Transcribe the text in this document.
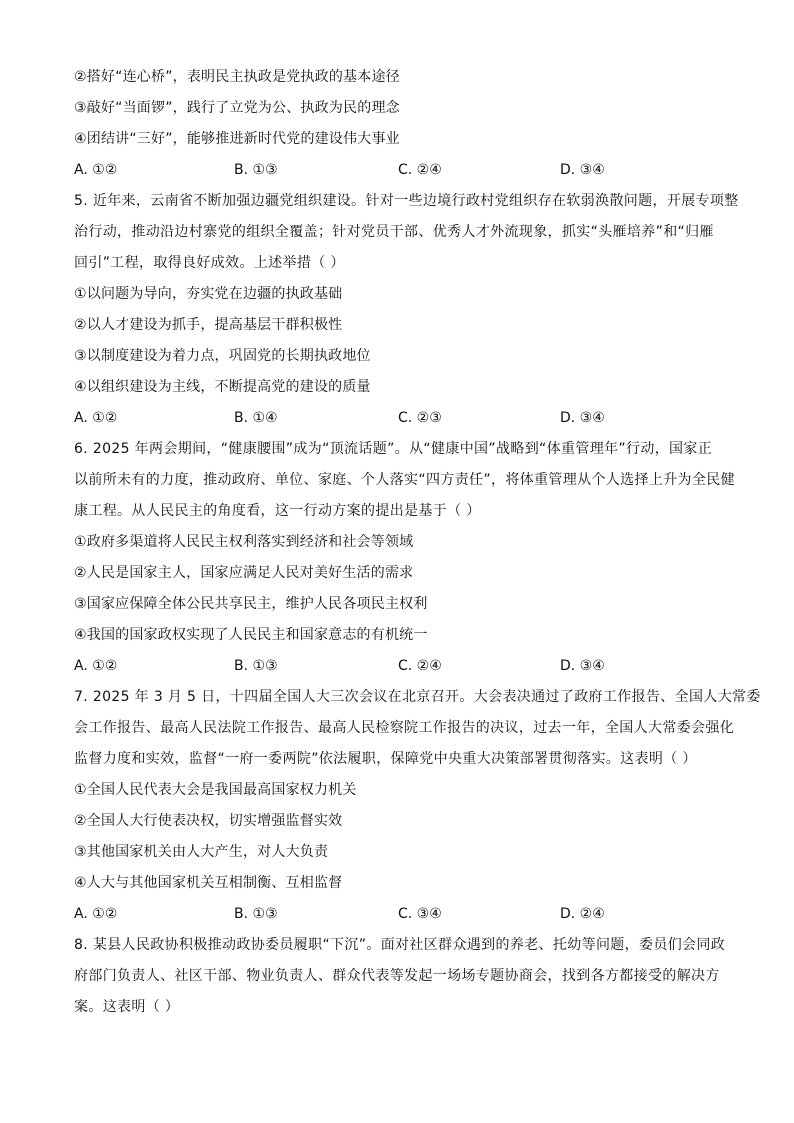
②搭好“连心桥”，表明民主执政是党执政的基本途径
③敲好“当面锣”，践行了立党为公、执政为民的理念
④团结讲“三好”，能够推进新时代党的建设伟大事业
A. ①②	B. ①③	C. ②④	D. ③④
5. 近年来，云南省不断加强边疆党组织建设。针对一些边境行政村党组织存在软弱涣散问题，开展专项整
治行动，推动沿边村寨党的组织全覆盖；针对党员干部、优秀人才外流现象，抓实“头雁培养”和“归雁
回引”工程，取得良好成效。上述举措（ ）
①以问题为导向，夯实党在边疆的执政基础
②以人才建设为抓手，提高基层干群积极性
③以制度建设为着力点，巩固党的长期执政地位
④以组织建设为主线，不断提高党的建设的质量
A. ①②	B. ①④	C. ②③	D. ③④
6. 2025 年两会期间，“健康腰围”成为“顶流话题”。从“健康中国”战略到“体重管理年”行动，国家正
以前所未有的力度，推动政府、单位、家庭、个人落实“四方责任”，将体重管理从个人选择上升为全民健
康工程。从人民民主的角度看，这一行动方案的提出是基于（ ）
①政府多渠道将人民民主权利落实到经济和社会等领域
②人民是国家主人，国家应满足人民对美好生活的需求
③国家应保障全体公民共享民主，维护人民各项民主权利
④我国的国家政权实现了人民民主和国家意志的有机统一
A. ①②	B. ①③	C. ②④	D. ③④
7. 2025 年 3 月 5 日，十四届全国人大三次会议在北京召开。大会表决通过了政府工作报告、全国人大常委
会工作报告、最高人民法院工作报告、最高人民检察院工作报告的决议，过去一年，全国人大常委会强化
监督力度和实效，监督“一府一委两院”依法履职，保障党中央重大决策部署贯彻落实。这表明（ ）
①全国人民代表大会是我国最高国家权力机关
②全国人大行使表决权，切实增强监督实效
③其他国家机关由人大产生，对人大负责
④人大与其他国家机关互相制衡、互相监督
A. ①②	B. ①③	C. ③④	D. ②④
8. 某县人民政协积极推动政协委员履职“下沉”。面对社区群众遇到的养老、托幼等问题，委员们会同政
府部门负责人、社区干部、物业负责人、群众代表等发起一场场专题协商会，找到各方都接受的解决方
案。这表明（ ）
